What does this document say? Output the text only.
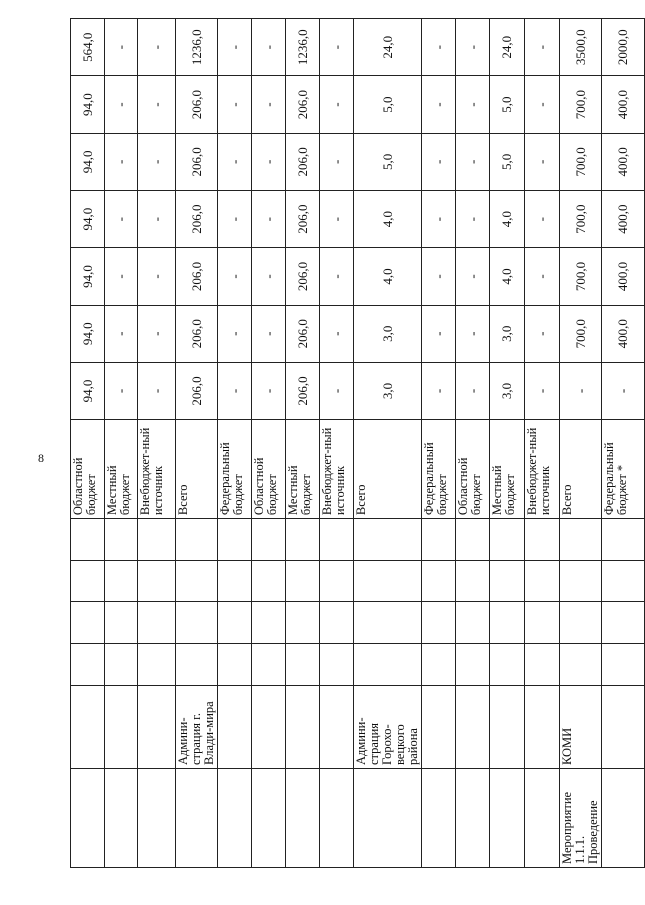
8
						Областной бюджет	94,0	94,0	94,0	94,0	94,0	94,0	564,0
						Местный бюджет	-	-	-	-	-	-	-
						Внебюджет-ный источник	-	-	-	-	-	-	-
	Админи-страция г. Влади-мира					Всего	206,0	206,0	206,0	206,0	206,0	206,0	1236,0
						Федеральный бюджет	-	-	-	-	-	-	-
						Областной бюджет	-	-	-	-	-	-	-
						Местный бюджет	206,0	206,0	206,0	206,0	206,0	206,0	1236,0
						Внебюджет-ный источник	-	-	-	-	-	-	-
	Админи-страция Горохо-вецкого района					Всего	3,0	3,0	4,0	4,0	5,0	5,0	24,0
						Федеральный бюджет	-	-	-	-	-	-	-
						Областной бюджет	-	-	-	-	-	-	-
						Местный бюджет	3,0	3,0	4,0	4,0	5,0	5,0	24,0
						Внебюджет-ный источник	-	-	-	-	-	-	-
Мероприятие 1.1.1. Проведение	КОМИ					Всего	-	700,0	700,0	700,0	700,0	700,0	3500,0
						Федеральный бюджет *	-	400,0	400,0	400,0	400,0	400,0	2000,0
